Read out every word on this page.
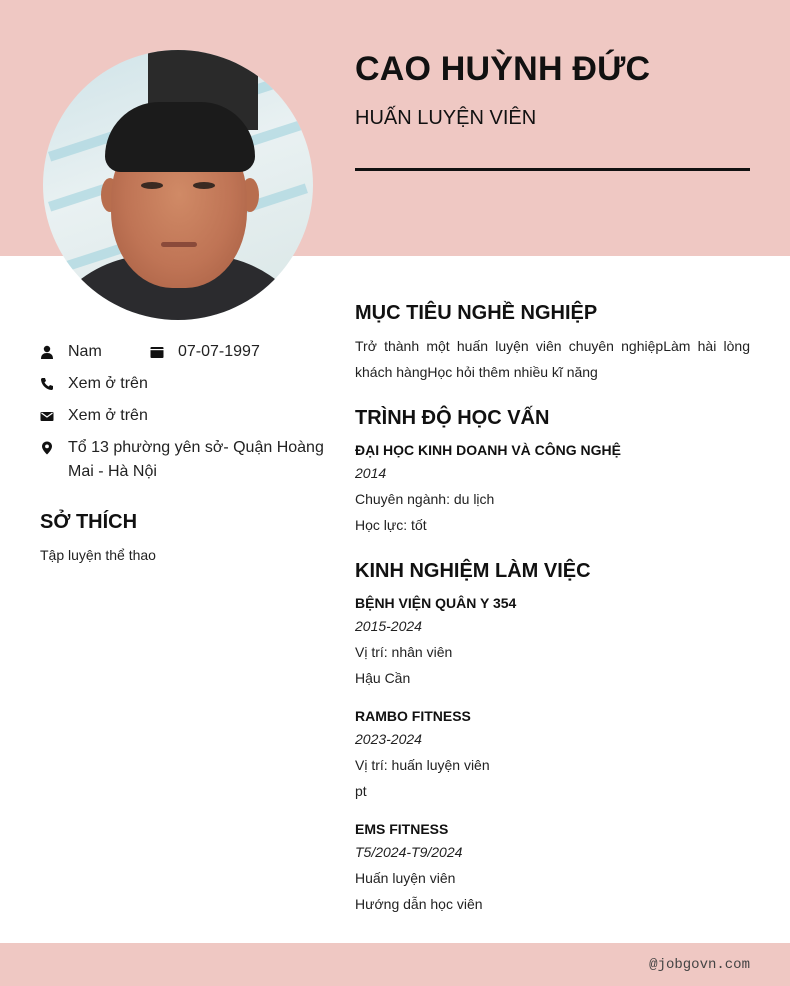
CAO HUỲNH ĐỨC
HUẤN LUYỆN VIÊN
Nam	07-07-1997
Xem ở trên
Xem ở trên
Tổ 13 phường yên sở- Quận Hoàng Mai - Hà Nội
SỞ THÍCH
Tập luyện thể thao
MỤC TIÊU NGHỀ NGHIỆP

Trở thành một huấn luyện viên chuyên nghiệpLàm hài lòng khách hàngHọc hỏi thêm nhiều kĩ năng

TRÌNH ĐỘ HỌC VẤN

ĐẠI HỌC KINH DOANH VÀ CÔNG NGHỆ

2014

Chuyên ngành: du lịch

Học lực: tốt

KINH NGHIỆM LÀM VIỆC

BỆNH VIỆN QUÂN Y 354

2015-2024

Vị trí: nhân viên

Hậu Cần

RAMBO FITNESS

2023-2024

Vị trí: huấn luyện viên

pt

EMS FITNESS

T5/2024-T9/2024

Huấn luyện viên

Hướng dẫn học viên

@jobgovn.com
